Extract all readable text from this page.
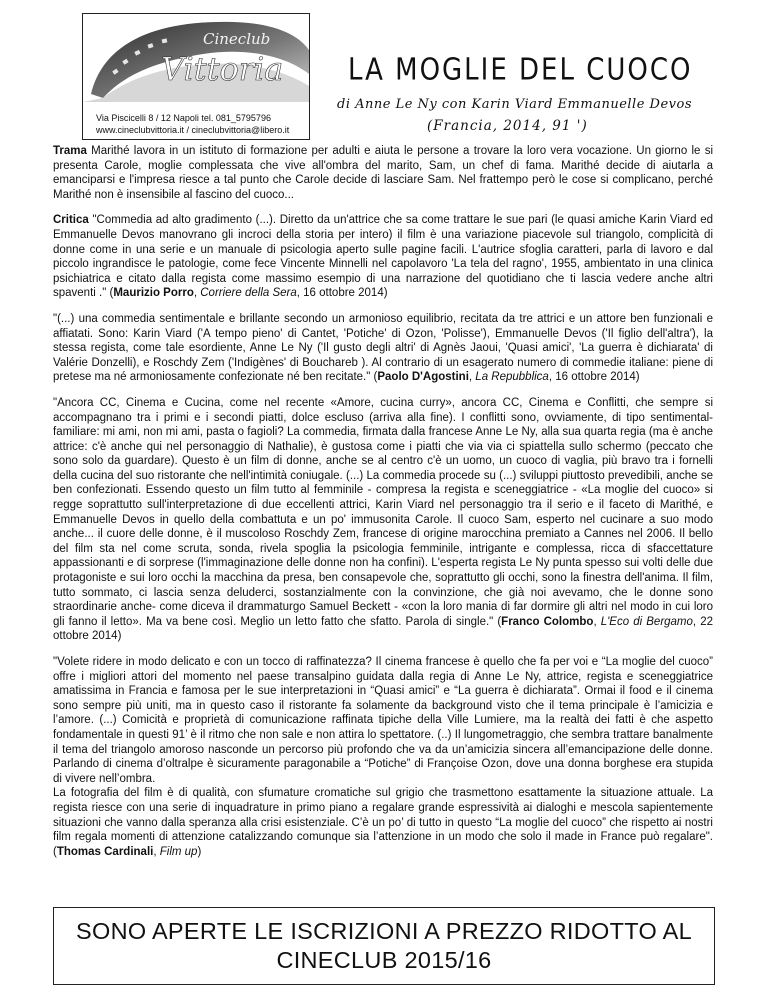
Cineclub
Vittoria
Via Piscicelli 8 / 12 Napoli tel. 081_5795796
www.cineclubvittoria.it / cineclubvittoria@libero.it
LA MOGLIE DEL CUOCO
di Anne Le Ny con Karin Viard Emmanuelle Devos
(Francia, 2014, 91 ')

Trama Marithé lavora in un istituto di formazione per adulti e aiuta le persone a trovare la loro vera vocazione. Un giorno le si presenta Carole, moglie complessata che vive all'ombra del marito, Sam, un chef di fama. Marithé decide di aiutarla a emanciparsi e l'impresa riesce a tal punto che Carole decide di lasciare Sam. Nel frattempo però le cose si complicano, perché Marithé non è insensibile al fascino del cuoco...

Critica "Commedia ad alto gradimento (...). Diretto da un'attrice che sa come trattare le sue pari (le quasi amiche Karin Viard ed Emmanuelle Devos manovrano gli incroci della storia per intero) il film è una variazione piacevole sul triangolo, complicità di donne come in una serie e un manuale di psicologia aperto sulle pagine facili. L'autrice sfoglia caratteri, parla di lavoro e dal piccolo ingrandisce le patologie, come fece Vincente Minnelli nel capolavoro 'La tela del ragno', 1955, ambientato in una clinica psichiatrica e citato dalla regista come massimo esempio di una narrazione del quotidiano che ti lascia vedere anche altri spaventi ." (Maurizio Porro, Corriere della Sera, 16 ottobre 2014)

"(...) una commedia sentimentale e brillante secondo un armonioso equilibrio, recitata da tre attrici e un attore ben funzionali e affiatati. Sono: Karin Viard ('A tempo pieno' di Cantet, 'Potiche' di Ozon, 'Polisse'), Emmanuelle Devos ('Il figlio dell'altra'), la stessa regista, come tale esordiente, Anne Le Ny ('Il gusto degli altri' di Agnès Jaoui, 'Quasi amici', 'La guerra è dichiarata' di Valérie Donzelli), e Roschdy Zem ('Indigènes' di Bouchareb ). Al contrario di un esagerato numero di commedie italiane: piene di pretese ma né armoniosamente confezionate né ben recitate." (Paolo D'Agostini, La Repubblica, 16 ottobre 2014)

"Ancora CC, Cinema e Cucina, come nel recente «Amore, cucina curry», ancora CC, Cinema e Conflitti, che sempre si accompagnano tra i primi e i secondi piatti, dolce escluso (arriva alla fine). I conflitti sono, ovviamente, di tipo sentimental-familiare: mi ami, non mi ami, pasta o fagioli? La commedia, firmata dalla francese Anne Le Ny, alla sua quarta regia (ma è anche attrice: c'è anche qui nel personaggio di Nathalie), è gustosa come i piatti che via via ci spiattella sullo schermo (peccato che sono solo da guardare). Questo è un film di donne, anche se al centro c'è un uomo, un cuoco di vaglia, più bravo tra i fornelli della cucina del suo ristorante che nell'intimità coniugale. (...) La commedia procede su (...) sviluppi piuttosto prevedibili, anche se ben confezionati. Essendo questo un film tutto al femminile - compresa la regista e sceneggiatrice - «La moglie del cuoco» si regge soprattutto sull'interpretazione di due eccellenti attrici, Karin Viard nel personaggio tra il serio e il faceto di Marithé, e Emmanuelle Devos in quello della combattuta e un po' immusonita Carole. Il cuoco Sam, esperto nel cucinare a suo modo anche... il cuore delle donne, è il muscoloso Roschdy Zem, francese di origine marocchina premiato a Cannes nel 2006. Il bello del film sta nel come scruta, sonda, rivela spoglia la psicologia femminile, intrigante e complessa, ricca di sfaccettature appassionanti e di sorprese (l'immaginazione delle donne non ha confini). L'esperta regista Le Ny punta spesso sui volti delle due protagoniste e sui loro occhi la macchina da presa, ben consapevole che, soprattutto gli occhi, sono la finestra dell'anima. Il film, tutto sommato, ci lascia senza deluderci, sostanzialmente con la convinzione, che già noi avevamo, che le donne sono straordinarie anche- come diceva il drammaturgo Samuel Beckett - «con la loro mania di far dormire gli altri nel modo in cui loro gli fanno il letto». Ma va bene così. Meglio un letto fatto che sfatto. Parola di single." (Franco Colombo, L'Eco di Bergamo, 22 ottobre 2014)

"Volete ridere in modo delicato e con un tocco di raffinatezza? Il cinema francese è quello che fa per voi e “La moglie del cuoco” offre i migliori attori del momento nel paese transalpino guidata dalla regia di Anne Le Ny, attrice, regista e sceneggiatrice amatissima in Francia e famosa per le sue interpretazioni in “Quasi amici” e “La guerra è dichiarata”. Ormai il food e il cinema sono sempre più uniti, ma in questo caso il ristorante fa solamente da background visto che il tema principale è l’amicizia e l’amore. (...) Comicità e proprietà di comunicazione raffinata tipiche della Ville Lumiere, ma la realtà dei fatti è che aspetto fondamentale in questi 91’ è il ritmo che non sale e non attira lo spettatore. (..) Il lungometraggio, che sembra trattare banalmente il tema del triangolo amoroso nasconde un percorso più profondo che va da un’amicizia sincera all’emancipazione delle donne. Parlando di cinema d’oltralpe è sicuramente paragonabile a “Potiche” di Françoise Ozon, dove una donna borghese era stupida di vivere nell’ombra.

La fotografia del film è di qualità, con sfumature cromatiche sul grigio che trasmettono esattamente la situazione attuale. La regista riesce con una serie di inquadrature in primo piano a regalare grande espressività ai dialoghi e mescola sapientemente situazioni che vanno dalla speranza alla crisi esistenziale. C’è un po’ di tutto in questo “La moglie del cuoco” che rispetto ai nostri film regala momenti di attenzione catalizzando comunque sia l’attenzione in un modo che solo il made in France può regalare". (Thomas Cardinali, Film up)

SONO APERTE LE ISCRIZIONI A PREZZO RIDOTTO AL
CINECLUB 2015/16
